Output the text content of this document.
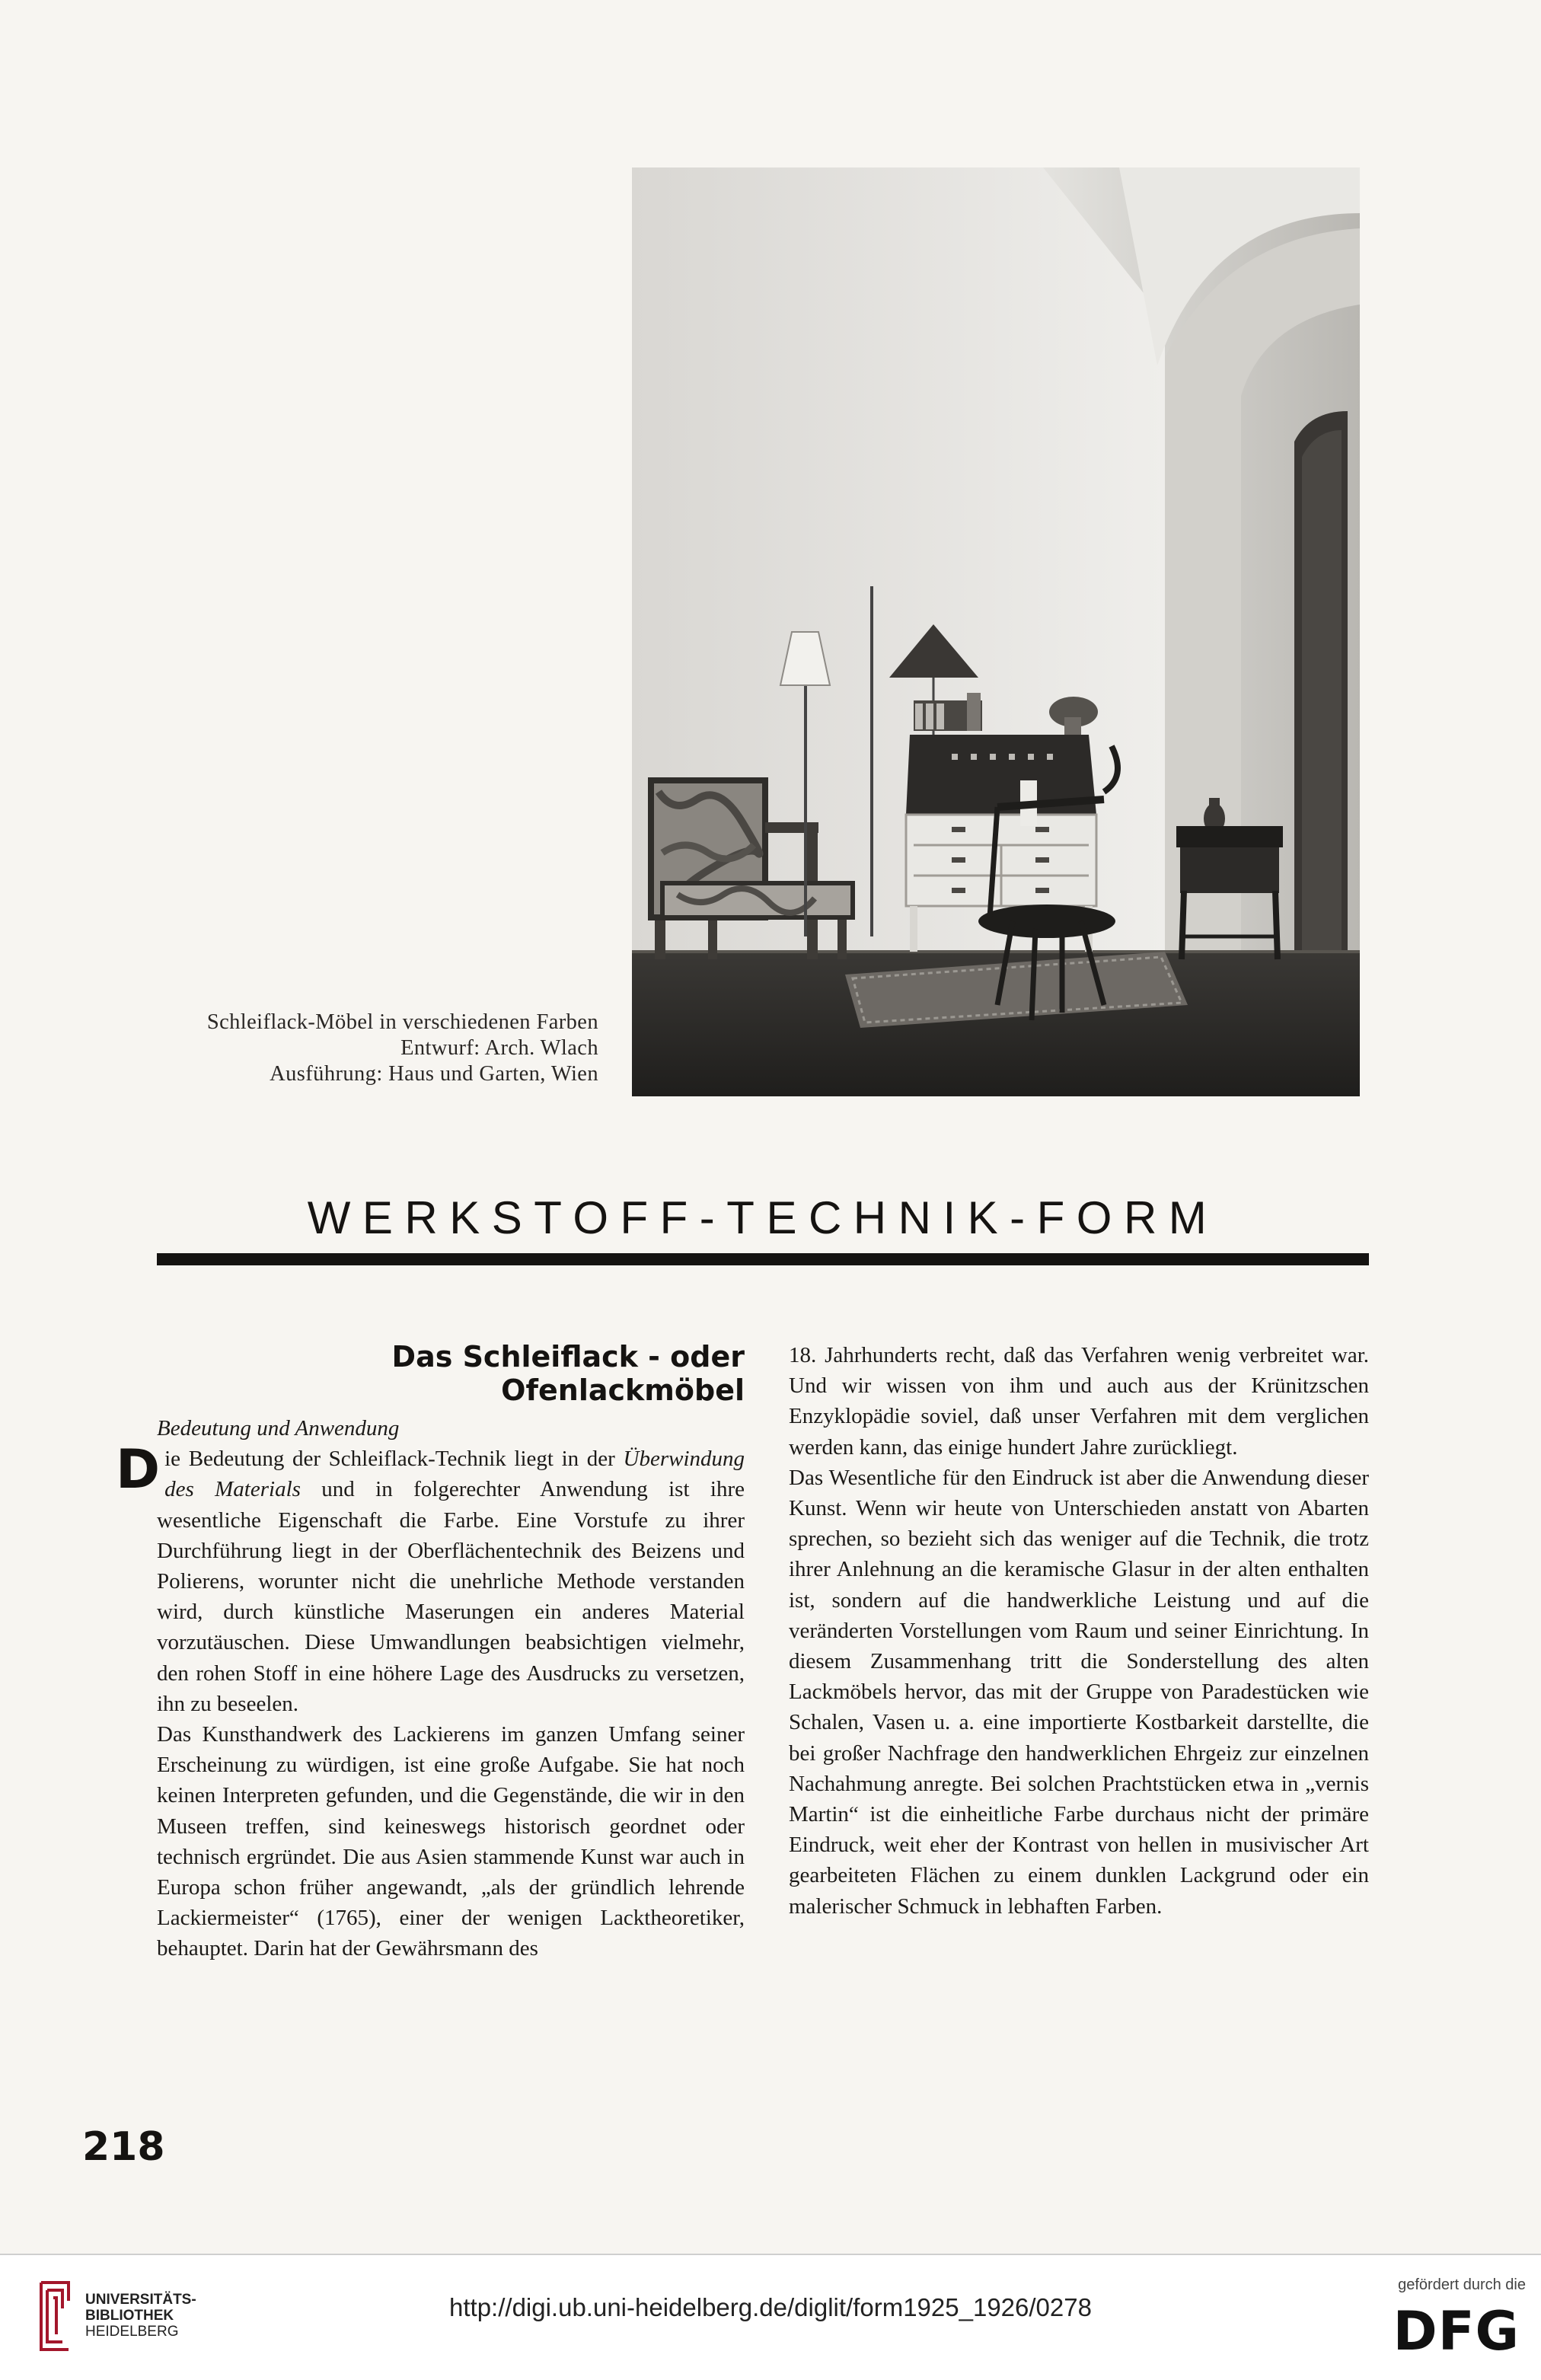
Schleiflack-Möbel in verschiedenen Farben
Entwurf: Arch. Wlach
Ausführung: Haus und Garten, Wien
WERKSTOFF-TECHNIK-FORM
Das Schleiflack - oder
Ofenlackmöbel

Bedeutung und Anwendung

Die Bedeutung der Schleiflack-Technik liegt in der Überwindung des Materials und in folgerechter Anwendung ist ihre wesentliche Eigenschaft die Farbe. Eine Vorstufe zu ihrer Durchführung liegt in der Oberflächentechnik des Beizens und Polierens, worunter nicht die unehrliche Methode verstanden wird, durch künstliche Maserungen ein anderes Material vorzutäuschen. Diese Umwandlungen beabsichtigen vielmehr, den rohen Stoff in eine höhere Lage des Ausdrucks zu versetzen, ihn zu beseelen.

Das Kunsthandwerk des Lackierens im ganzen Umfang seiner Erscheinung zu würdigen, ist eine große Aufgabe. Sie hat noch keinen Interpreten gefunden, und die Gegenstände, die wir in den Museen treffen, sind keineswegs historisch geordnet oder technisch ergründet. Die aus Asien stammende Kunst war auch in Europa schon früher angewandt, „als der gründlich lehrende Lackiermeister“ (1765), einer der wenigen Lacktheoretiker, behauptet. Darin hat der Gewährsmann des

18. Jahrhunderts recht, daß das Verfahren wenig verbreitet war. Und wir wissen von ihm und auch aus der Krünitzschen Enzyklopädie soviel, daß unser Verfahren mit dem verglichen werden kann, das einige hundert Jahre zurückliegt.

Das Wesentliche für den Eindruck ist aber die Anwendung dieser Kunst. Wenn wir heute von Unterschieden anstatt von Abarten sprechen, so bezieht sich das weniger auf die Technik, die trotz ihrer Anlehnung an die keramische Glasur in der alten enthalten ist, sondern auf die handwerkliche Leistung und auf die veränderten Vorstellungen vom Raum und seiner Einrichtung. In diesem Zusammenhang tritt die Sonderstellung des alten Lackmöbels hervor, das mit der Gruppe von Paradestücken wie Schalen, Vasen u. a. eine importierte Kostbarkeit darstellte, die bei großer Nachfrage den handwerklichen Ehrgeiz zur einzelnen Nachahmung anregte. Bei solchen Prachtstücken etwa in „vernis Martin“ ist die einheitliche Farbe durchaus nicht der primäre Eindruck, weit eher der Kontrast von hellen in musivischer Art gearbeiteten Flächen zu einem dunklen Lackgrund oder ein malerischer Schmuck in lebhaften Farben.

218
UNIVERSITÄTS-
BIBLIOTHEK
HEIDELBERG
http://digi.ub.uni-heidelberg.de/diglit/form1925_1926/0278
gefördert durch die
DFG
